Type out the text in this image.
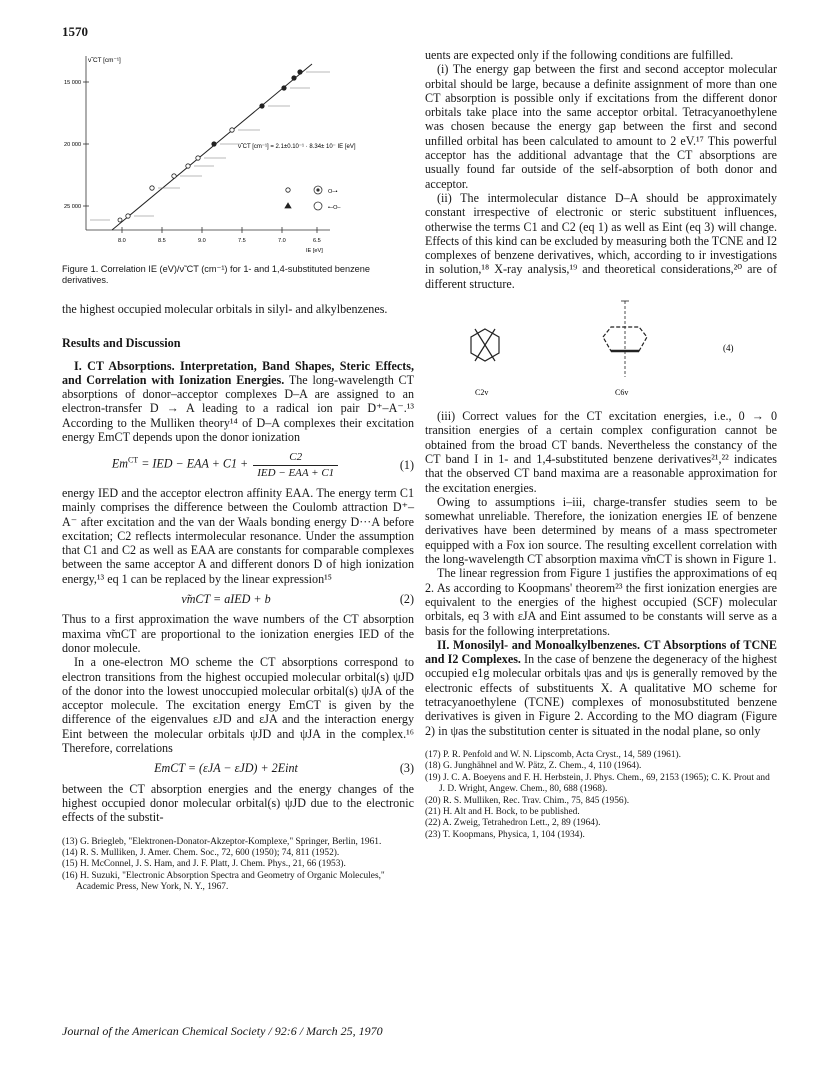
1570
ν̃ CT [cm⁻¹]
15 000
20 000
25 000
8.0	8.5	9.0	7.5	7.0	6.5
IE [eV]
ν̃ CT [cm⁻¹] = 2.1±0.10⁻¹ · 8.34± 10⁻ IE [eV]
O–•
•–O–
Figure 1. Correlation IE (eV)/ν̃ CT (cm⁻¹) for 1- and 1,4-substituted benzene derivatives.

the highest occupied molecular orbitals in silyl- and alkylbenzenes.

Results and Discussion

I. CT Absorptions. Interpretation, Band Shapes, Steric Effects, and Correlation with Ionization Energies. The long-wavelength CT absorptions of donor–acceptor complexes D–A are assigned to an electron-transfer D → A leading to a radical ion pair D⁺–A⁻.¹³ According to the Mulliken theory¹⁴ of D–A complexes their excitation energy EmCT depends upon the donor ionization

$Em^{CT}$ = IED − EAA + $C1 + \frac{C2}{\text{IED − EAA + C1}}$	(1)

energy IED and the acceptor electron affinity EAA. The energy term C1 mainly comprises the difference between the Coulomb attraction D⁺–A⁻ after excitation and the van der Waals bonding energy D···A before excitation; C2 reflects intermolecular resonance. Under the assumption that C1 and C2 as well as EAA are constants for comparable complexes between the same acceptor A and different donors D of high ionization energy,¹³ eq 1 can be replaced by the linear expression¹⁵

ν̃mCT = aIED + b	(2)

Thus to a first approximation the wave numbers of the CT absorption maxima ν̃mCT are proportional to the ionization energies IED of the donor molecule.

In a one-electron MO scheme the CT absorptions correspond to electron transitions from the highest occupied molecular orbital(s) ψJD of the donor into the lowest unoccupied molecular orbital(s) ψJA of the acceptor molecule. The excitation energy EmCT is given by the difference of the eigenvalues εJD and εJA and the interaction energy Eint between the molecular orbitals ψJD and ψJA in the complex.¹⁶ Therefore, correlations

EmCT = (εJA − εJD) + 2Eint	(3)

between the CT absorption energies and the energy changes of the highest occupied donor molecular orbital(s) ψJD due to the electronic effects of the substit-

(13) G. Briegleb, "Elektronen-Donator-Akzeptor-Komplexe," Springer, Berlin, 1961.
(14) R. S. Mulliken, J. Amer. Chem. Soc., 72, 600 (1950); 74, 811 (1952).
(15) H. McConnel, J. S. Ham, and J. F. Platt, J. Chem. Phys., 21, 66 (1953).
(16) H. Suzuki, "Electronic Absorption Spectra and Geometry of Organic Molecules," Academic Press, New York, N. Y., 1967.

uents are expected only if the following conditions are fulfilled.

(i) The energy gap between the first and second acceptor molecular orbital should be large, because a definite assignment of more than one CT absorption is possible only if excitations from the different donor orbitals take place into the same acceptor orbital. Tetracyanoethylene was chosen because the energy gap between the first and second unfilled orbital has been calculated to amount to 2 eV.¹⁷ This powerful acceptor has the additional advantage that the CT absorptions are usually found far outside of the self-absorption of both donor and acceptor.

(ii) The intermolecular distance D–A should be approximately constant irrespective of electronic or steric substituent influences, otherwise the terms C1 and C2 (eq 1) as well as Eint (eq 3) will change. Effects of this kind can be excluded by measuring both the TCNE and I2 complexes of benzene derivatives, which, according to ir investigations in solution,¹⁸ X-ray analysis,¹⁹ and theoretical considerations,²⁰ are of different structure.

C2v	C6v
(4)

(iii) Correct values for the CT excitation energies, i.e., 0 → 0 transition energies of a certain complex configuration cannot be obtained from the broad CT bands. Nevertheless the constancy of the CT band I in 1- and 1,4-substituted benzene derivatives²¹,²² indicates that the observed CT band maxima are a reasonable approximation for the excitation energies.

Owing to assumptions i–iii, charge-transfer studies seem to be somewhat unreliable. Therefore, the ionization energies IE of benzene derivatives have been determined by means of a mass spectrometer equipped with a Fox ion source. The resulting excellent correlation with the long-wavelength CT absorption maxima ν̃mCT is shown in Figure 1.

The linear regression from Figure 1 justifies the approximations of eq 2. As according to Koopmans' theorem²³ the first ionization energies are equivalent to the energies of the highest occupied (SCF) molecular orbitals, eq 3 with εJA and Eint assumed to be constants will serve as a basis for the following interpretations.

II. Monosilyl- and Monoalkylbenzenes. CT Absorptions of TCNE and I2 Complexes. In the case of benzene the degeneracy of the highest occupied e1g molecular orbitals ψas and ψs is generally removed by the electronic effects of substituents X. A qualitative MO scheme for tetracyanoethylene (TCNE) complexes of monosubstituted benzene derivatives is given in Figure 2. According to the MO diagram (Figure 2) in ψas the substitution center is situated in the nodal plane, so only

(17) P. R. Penfold and W. N. Lipscomb, Acta Cryst., 14, 589 (1961).
(18) G. Junghähnel and W. Pätz, Z. Chem., 4, 110 (1964).
(19) J. C. A. Boeyens and F. H. Herbstein, J. Phys. Chem., 69, 2153 (1965); C. K. Prout and J. D. Wright, Angew. Chem., 80, 688 (1968).
(20) R. S. Mulliken, Rec. Trav. Chim., 75, 845 (1956).
(21) H. Alt and H. Bock, to be published.
(22) A. Zweig, Tetrahedron Lett., 2, 89 (1964).
(23) T. Koopmans, Physica, 1, 104 (1934).
Journal of the American Chemical Society / 92:6 / March 25, 1970
